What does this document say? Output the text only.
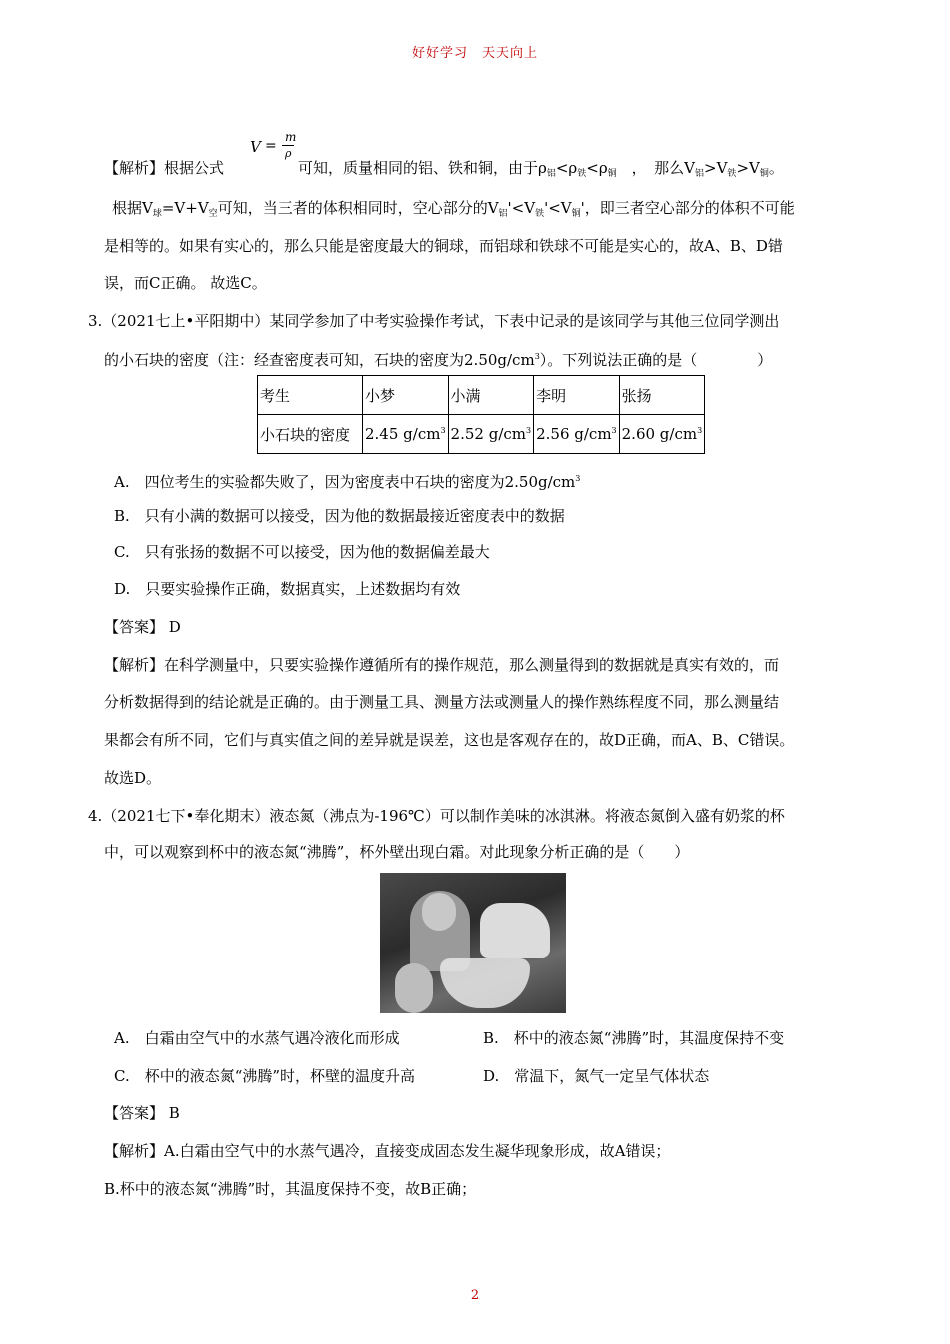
好好学习　天天向上
【解析】根据公式
V =
m
ρ
可知，质量相同的铝、铁和铜，由于$\rho_铝<\rho_铁<\rho_铜$　，　那么$V_铝>V_铁>V_铜$。
根据$V_球=V+V_空$可知，当三者的体积相同时，空心部分的$V_铝'<V_铁'<V_铜'$，即三者空心部分的体积不可能
是相等的。如果有实心的，那么只能是密度最大的铜球，而铝球和铁球不可能是实心的，故A、B、D错
误，而C正确。 故选C。
3.（2021七上•平阳期中）某同学参加了中考实验操作考试，下表中记录的是该同学与其他三位同学测出
的小石块的密度（注：经查密度表可知，石块的密度为$2.50g/cm^3$）。下列说法正确的是（　　　　）
考生	小梦	小满	李明	张扬
小石块的密度	2.45 $g/cm^3$	2.52 $g/cm^3$	2.56 $g/cm^3$	2.60 $g/cm^3$
A.　四位考生的实验都失败了，因为密度表中石块的密度为$2.50g/cm^3$
B.　只有小满的数据可以接受，因为他的数据最接近密度表中的数据
C.　只有张扬的数据不可以接受，因为他的数据偏差最大
D.　只要实验操作正确，数据真实，上述数据均有效
【答案】 D
【解析】在科学测量中，只要实验操作遵循所有的操作规范，那么测量得到的数据就是真实有效的，而
分析数据得到的结论就是正确的。由于测量工具、测量方法或测量人的操作熟练程度不同，那么测量结
果都会有所不同，它们与真实值之间的差异就是误差，这也是客观存在的，故D正确，而A、B、C错误。
故选D。
4.（2021七下•奉化期末）液态氮（沸点为-196℃）可以制作美味的冰淇淋。将液态氮倒入盛有奶浆的杯
中，可以观察到杯中的液态氮“沸腾”，杯外壁出现白霜。对此现象分析正确的是（　　）
A.　白霜由空气中的水蒸气遇冷液化而形成	B.　杯中的液态氮“沸腾”时，其温度保持不变
C.　杯中的液态氮“沸腾”时，杯壁的温度升高	D.　常温下，氮气一定呈气体状态
【答案】 B
【解析】A.白霜由空气中的水蒸气遇冷，直接变成固态发生凝华现象形成，故A错误；
B.杯中的液态氮“沸腾”时，其温度保持不变，故B正确；
2
